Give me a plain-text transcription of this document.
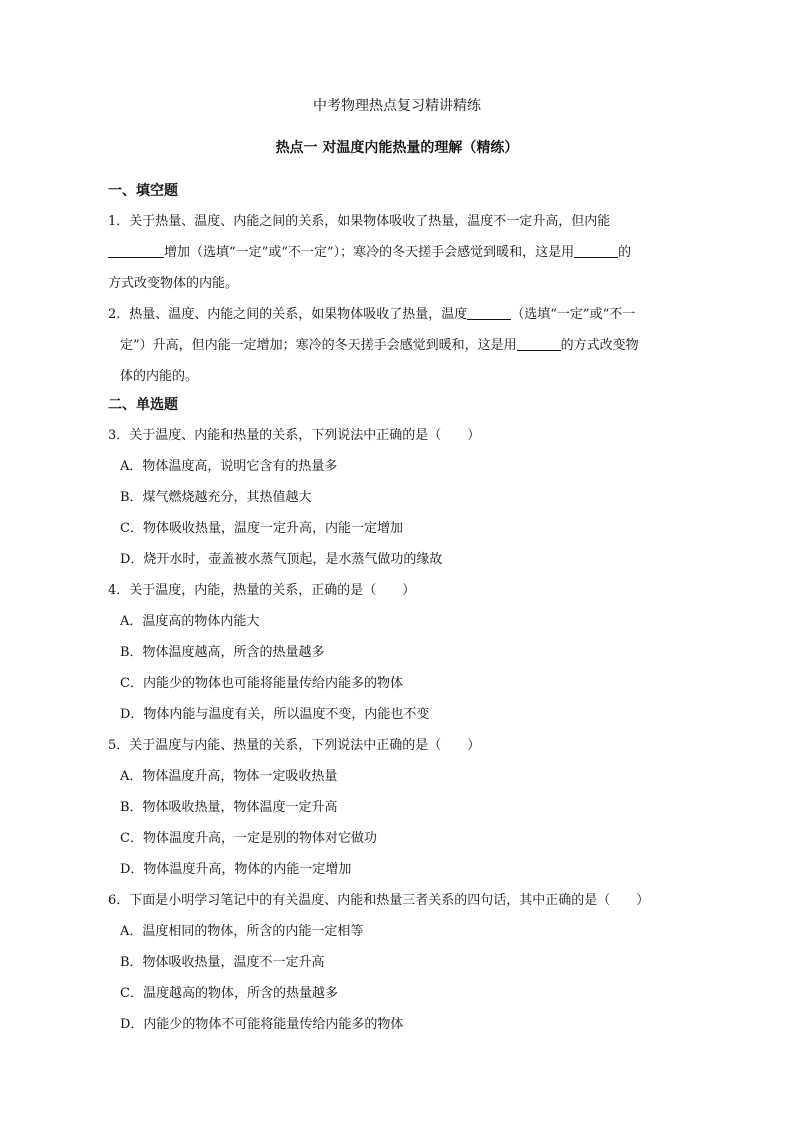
中考物理热点复习精讲精练
热点一 对温度内能热量的理解（精练）
一、填空题
1．关于热量、温度、内能之间的关系，如果物体吸收了热量，温度不一定升高，但内能
增加（选填“一定”或“不一定”）；寒冷的冬天搓手会感觉到暖和，这是用	的
方式改变物体的内能。
2．热量、温度、内能之间的关系，如果物体吸收了热量，温度	（选填“一定”或“不一
定”）升高，但内能一定增加；寒冷的冬天搓手会感觉到暖和，这是用	的方式改变物
体的内能的。
二、单选题
3．关于温度、内能和热量的关系，下列说法中正确的是（　　）
A．物体温度高，说明它含有的热量多
B．煤气燃烧越充分，其热值越大
C．物体吸收热量，温度一定升高，内能一定增加
D．烧开水时，壶盖被水蒸气顶起，是水蒸气做功的缘故
4．关于温度，内能，热量的关系，正确的是（　　）
A．温度高的物体内能大
B．物体温度越高，所含的热量越多
C．内能少的物体也可能将能量传给内能多的物体
D．物体内能与温度有关，所以温度不变，内能也不变
5．关于温度与内能、热量的关系，下列说法中正确的是（　　）
A．物体温度升高，物体一定吸收热量
B．物体吸收热量，物体温度一定升高
C．物体温度升高，一定是别的物体对它做功
D．物体温度升高，物体的内能一定增加
6．下面是小明学习笔记中的有关温度、内能和热量三者关系的四句话，其中正确的是（　　）
A．温度相同的物体，所含的内能一定相等
B．物体吸收热量，温度不一定升高
C．温度越高的物体，所含的热量越多
D．内能少的物体不可能将能量传给内能多的物体
